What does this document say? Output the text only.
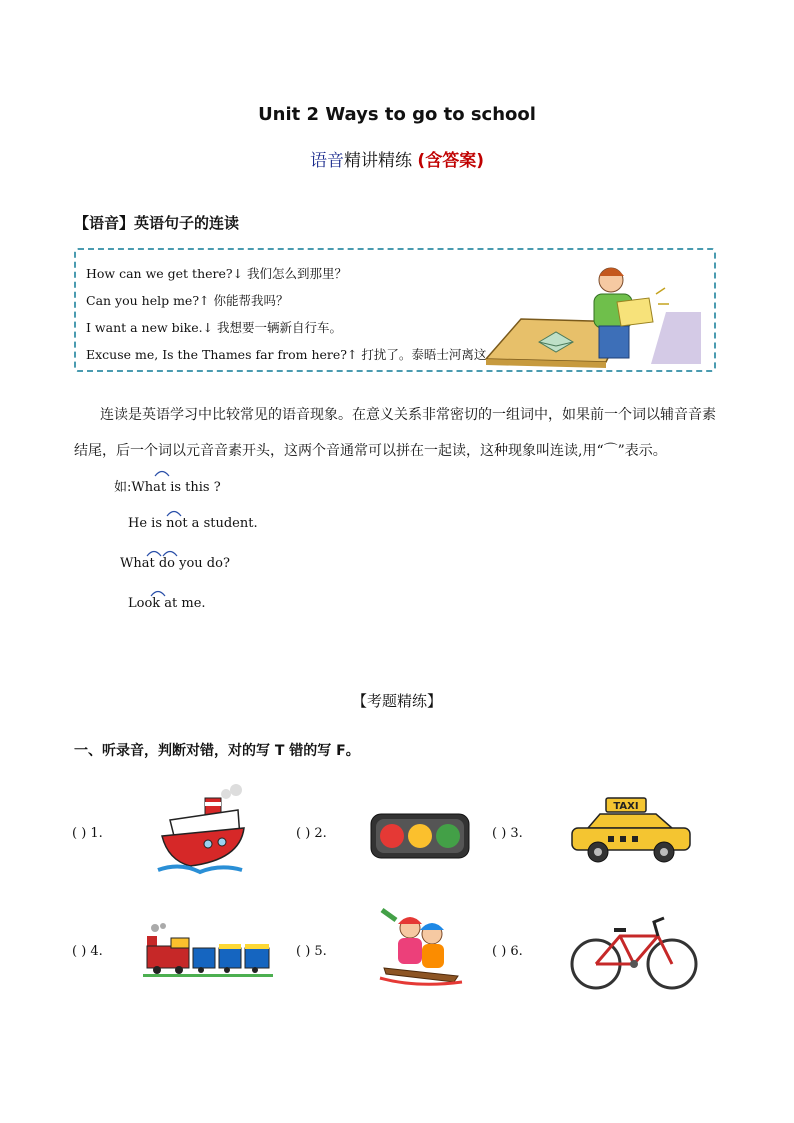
Unit 2 Ways to go to school
语音精讲精练 (含答案)
【语音】英语句子的连读
How can we get there?↓ 我们怎么到那里？
Can you help me?↑ 你能帮我吗？
I want a new bike.↓ 我想要一辆新自行车。
Excuse me, Is the Thames far from here?↑ 打扰了。泰晤士河离这
连读是英语学习中比较常见的语音现象。在意义关系非常密切的一组词中，如果前一个词以辅音音素
结尾，后一个词以元音音素开头，这两个音通常可以拼在一起读，这种现象叫连读,用“⌒”表示。
如:What is this ?
He is not a student.
What do you do?
Look at me.
【考题精练】
一、听录音，判断对错，对的写 T 错的写 F。
( ) 1.	( ) 2.	( ) 3.
TAXI
( ) 4.	( ) 5.	( ) 6.
